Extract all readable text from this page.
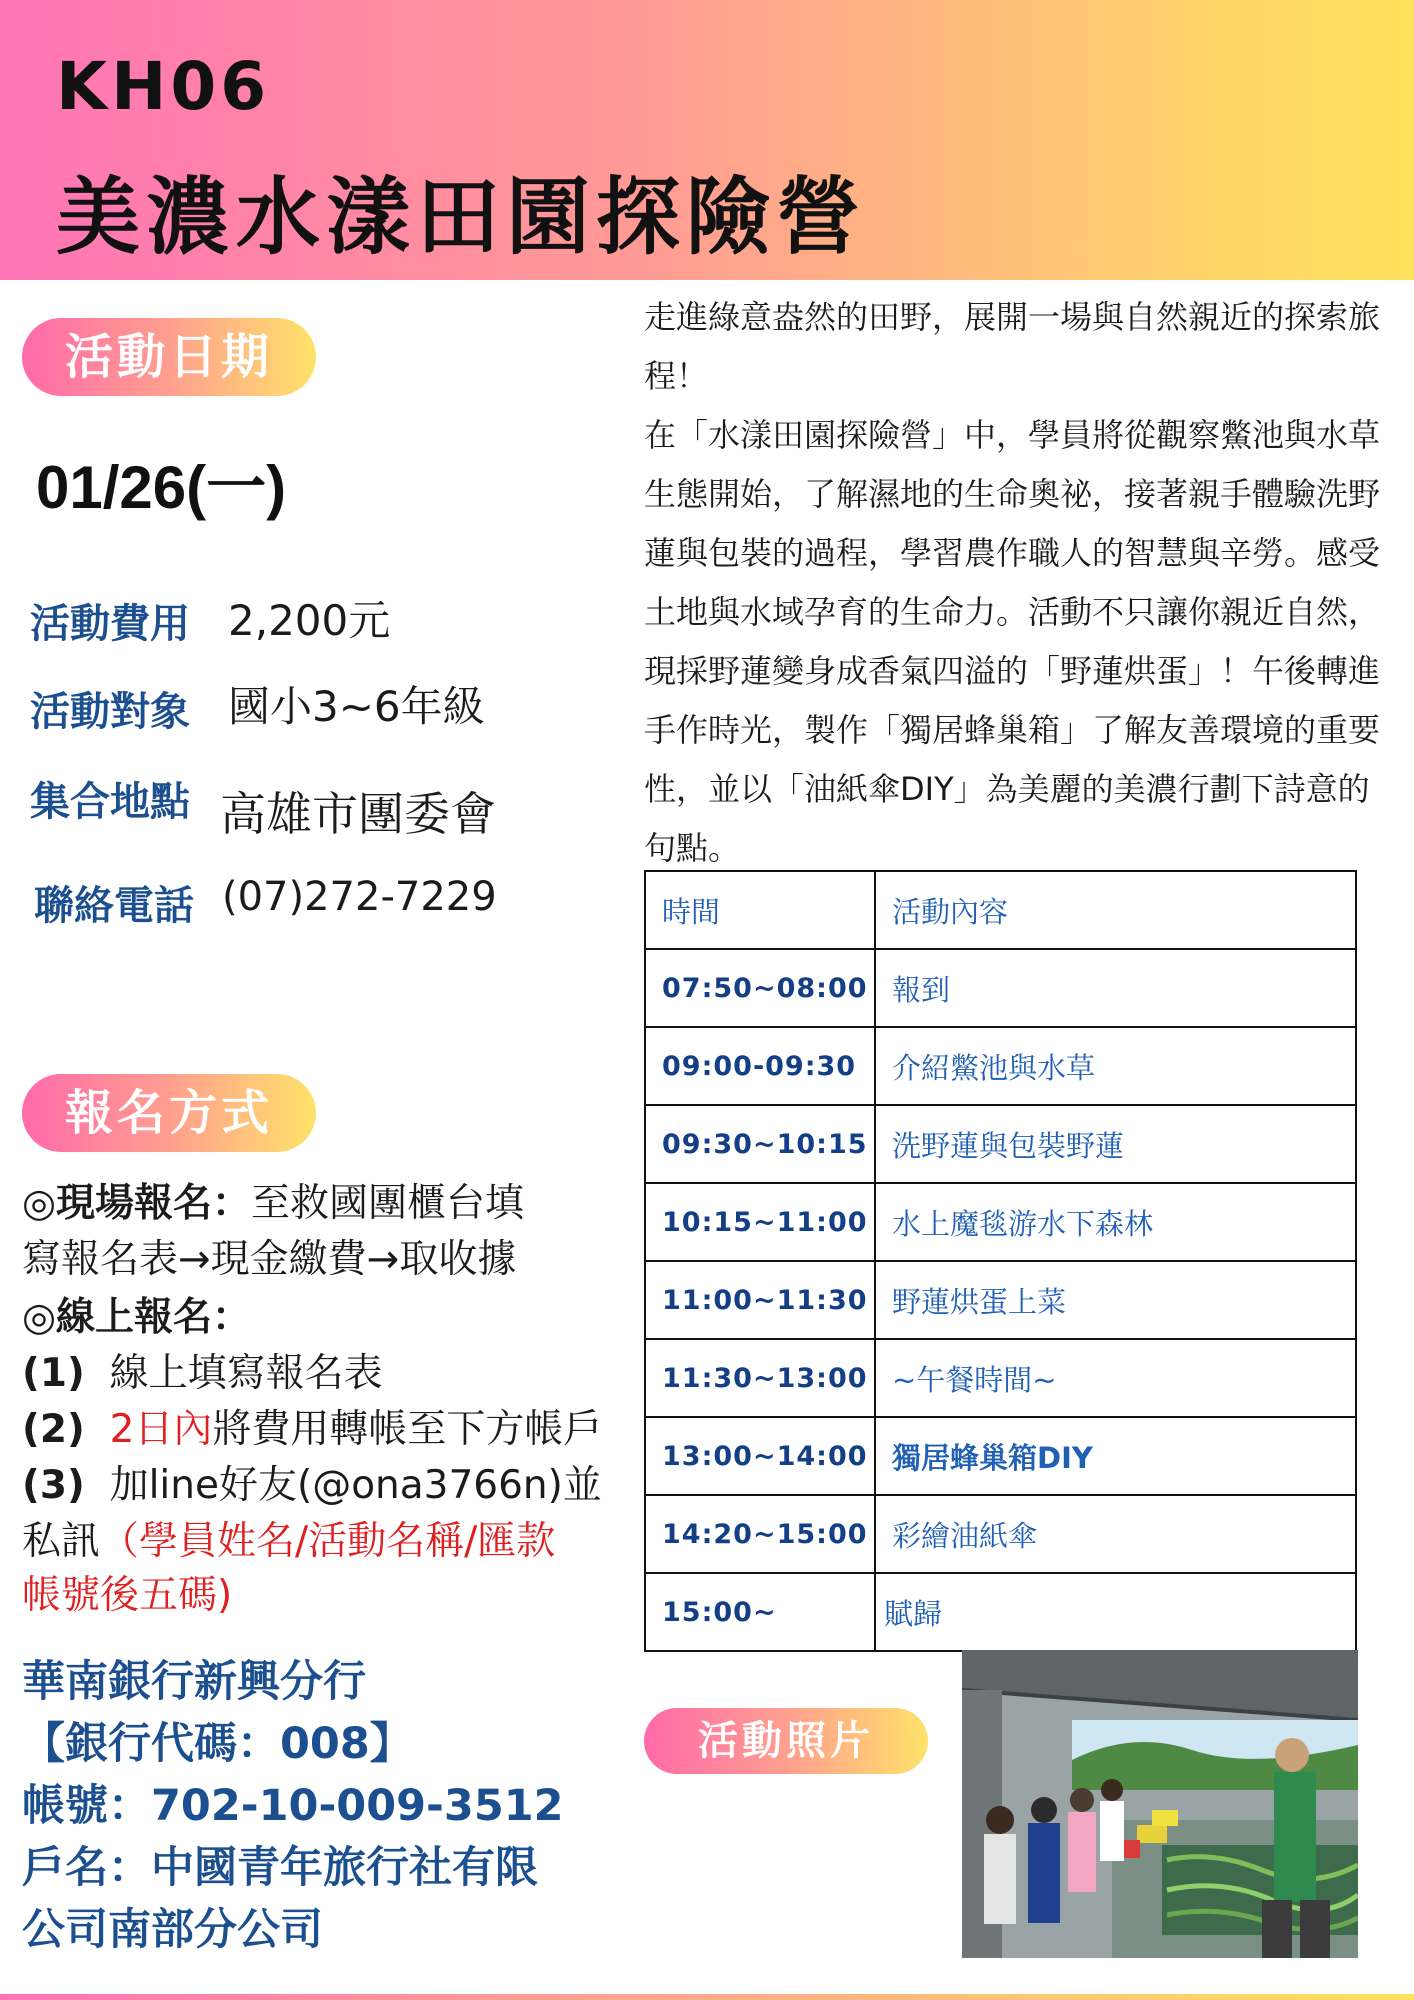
KH06
美濃水漾田園探險營
活動日期
01/26(一)
活動費用 2,200元
活動對象 國小3~6年級
集合地點 高雄市團委會
聯絡電話 (07)272-7229
報名方式
◎現場報名：至救國團櫃台填
寫報名表→現金繳費→取收據
◎線上報名：
(1) 線上填寫報名表
(2) 2日內將費用轉帳至下方帳戶
(3) 加line好友(@ona3766n)並
私訊（學員姓名/活動名稱/匯款
帳號後五碼)
華南銀行新興分行
【銀行代碼：008】
帳號：702-10-009-3512
戶名：中國青年旅行社有限
公司南部分公司

走進綠意盎然的田野，展開一場與自然親近的探索旅程！

在「水漾田園探險營」中，學員將從觀察鱉池與水草生態開始，了解濕地的生命奧祕，接著親手體驗洗野蓮與包裝的過程，學習農作職人的智慧與辛勞。感受土地與水域孕育的生命力。活動不只讓你親近自然，現採野蓮變身成香氣四溢的「野蓮烘蛋」！午後轉進手作時光，製作「獨居蜂巢箱」了解友善環境的重要性，並以「油紙傘DIY」為美麗的美濃行劃下詩意的句點。

時間	活動內容
07:50~08:00	報到
09:00-09:30	介紹鱉池與水草
09:30~10:15	洗野蓮與包裝野蓮
10:15~11:00	水上魔毯游水下森林
11:00~11:30	野蓮烘蛋上菜
11:30~13:00	~午餐時間~
13:00~14:00	獨居蜂巢箱DIY
14:20~15:00	彩繪油紙傘
15:00~	賦歸
活動照片
